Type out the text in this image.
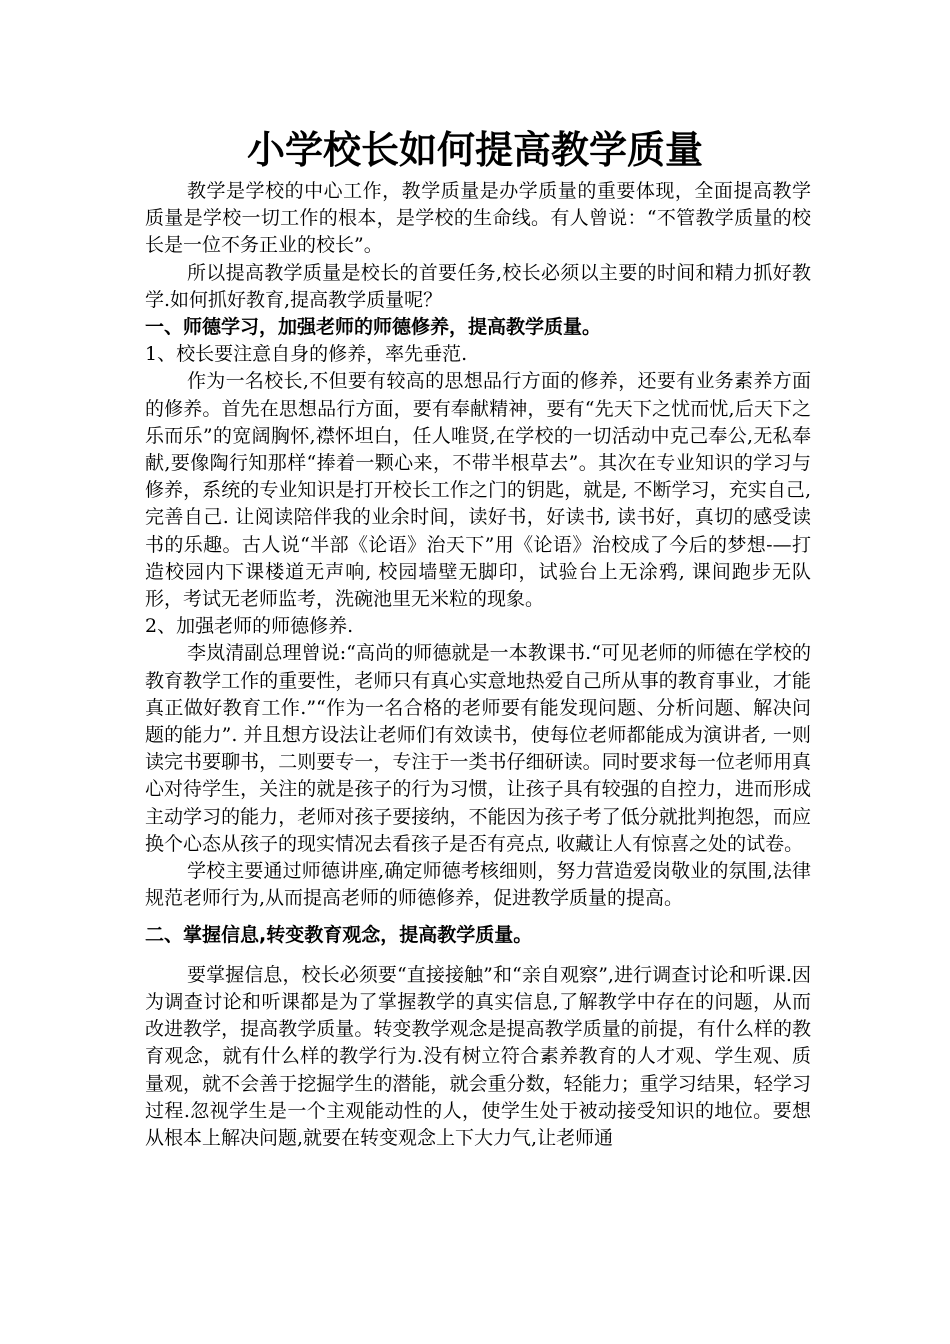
小学校长如何提高教学质量

教学是学校的中心工作，教学质量是办学质量的重要体现，全面提高教学质量是学校一切工作的根本，是学校的生命线。有人曾说：“不管教学质量的校长是一位不务正业的校长”。

所以提高教学质量是校长的首要任务,校长必须以主要的时间和精力抓好教学.如何抓好教育,提高教学质量呢？

一、师德学习，加强老师的师德修养，提高教学质量。

1、校长要注意自身的修养，率先垂范.

作为一名校长,不但要有较高的思想品行方面的修养，还要有业务素养方面的修养。首先在思想品行方面，要有奉献精神，要有“先天下之忧而忧,后天下之乐而乐”的宽阔胸怀,襟怀坦白，任人唯贤,在学校的一切活动中克己奉公,无私奉献,要像陶行知那样“捧着一颗心来，不带半根草去”。其次在专业知识的学习与修养，系统的专业知识是打开校长工作之门的钥匙，就是, 不断学习，充实自己,完善自己. 让阅读陪伴我的业余时间，读好书，好读书, 读书好，真切的感受读书的乐趣。古人说“半部《论语》治天下”用《论语》治校成了今后的梦想-—打造校园内下课楼道无声响, 校园墙壁无脚印，试验台上无涂鸦, 课间跑步无队形，考试无老师监考，洗碗池里无米粒的现象。

2、加强老师的师德修养.

李岚清副总理曾说:“高尚的师德就是一本教课书.“可见老师的师德在学校的教育教学工作的重要性，老师只有真心实意地热爱自己所从事的教育事业，才能真正做好教育工作.”“作为一名合格的老师要有能发现问题、分析问题、解决问题的能力”. 并且想方设法让老师们有效读书，使每位老师都能成为演讲者, 一则读完书要聊书，二则要专一，专注于一类书仔细研读。同时要求每一位老师用真心对待学生，关注的就是孩子的行为习惯，让孩子具有较强的自控力，进而形成主动学习的能力，老师对孩子要接纳，不能因为孩子考了低分就批判抱怨，而应换个心态从孩子的现实情况去看孩子是否有亮点, 收藏让人有惊喜之处的试卷。

学校主要通过师德讲座,确定师德考核细则，努力营造爱岗敬业的氛围,法律规范老师行为,从而提高老师的师德修养，促进教学质量的提高。

二、掌握信息,转变教育观念，提高教学质量。

要掌握信息，校长必须要“直接接触”和“亲自观察”,进行调查讨论和听课.因为调查讨论和听课都是为了掌握教学的真实信息,了解教学中存在的问题，从而改进教学，提高教学质量。转变教学观念是提高教学质量的前提，有什么样的教育观念，就有什么样的教学行为.没有树立符合素养教育的人才观、学生观、质量观，就不会善于挖掘学生的潜能，就会重分数，轻能力；重学习结果，轻学习过程.忽视学生是一个主观能动性的人，使学生处于被动接受知识的地位。要想从根本上解决问题,就要在转变观念上下大力气,让老师通
